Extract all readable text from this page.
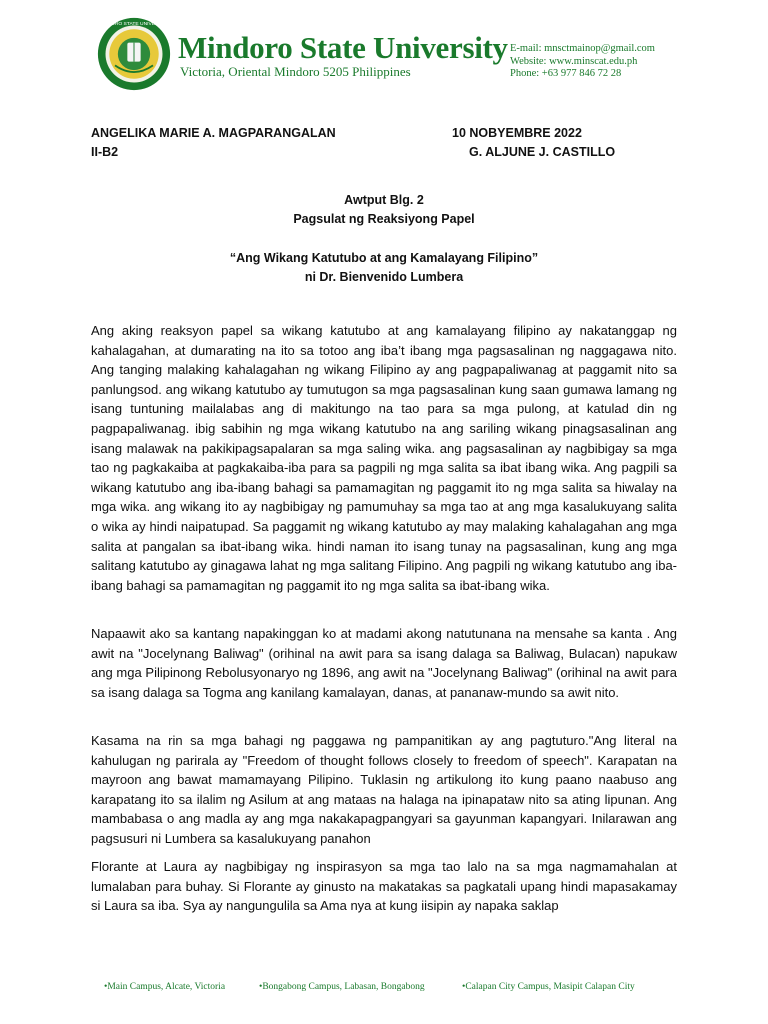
MINDORO STATE UNIVERSITY
Mindoro State University
Victoria, Oriental Mindoro 5205 Philippines
E-mail: mnsctmainop@gmail.com
Website: www.minscat.edu.ph
Phone: +63 977 846 72 28
ANGELIKA MARIE A. MAGPARANGALAN
II-B2
10 NOBYEMBRE 2022
G. ALJUNE J. CASTILLO
Awtput Blg. 2
Pagsulat ng Reaksiyong Papel
“Ang Wikang Katutubo at ang Kamalayang Filipino”
ni Dr. Bienvenido Lumbera

Ang aking reaksyon papel sa wikang katutubo at ang kamalayang filipino ay nakatanggap ng kahalagahan, at dumarating na ito sa totoo ang iba’t ibang mga pagsasalinan ng naggagawa nito. Ang tanging malaking kahalagahan ng wikang Filipino ay ang pagpapaliwanag at paggamit nito sa panlungsod. ang wikang katutubo ay tumutugon sa mga pagsasalinan kung saan gumawa lamang ng isang tuntuning mailalabas ang di makitungo na tao para sa mga pulong, at katulad din ng pagpapaliwanag. ibig sabihin ng mga wikang katutubo na ang sariling wikang pinagsasalinan ang isang malawak na pakikipagsapalaran sa mga saling wika. ang pagsasalinan ay nagbibigay sa mga tao ng pagkakaiba at pagkakaiba-iba para sa pagpili ng mga salita sa ibat ibang wika. Ang pagpili sa wikang katutubo ang iba-ibang bahagi sa pamamagitan ng paggamit ito ng mga salita sa hiwalay na mga wika. ang wikang ito ay nagbibigay ng pamumuhay sa mga tao at ang mga kasalukuyang salita o wika ay hindi naipatupad. Sa paggamit ng wikang katutubo ay may malaking kahalagahan ang mga salita at pangalan sa ibat-ibang wika. hindi naman ito isang tunay na pagsasalinan, kung ang mga salitang katutubo ay ginagawa lahat ng mga salitang Filipino. Ang pagpili ng wikang katutubo ang iba-ibang bahagi sa pamamagitan ng paggamit ito ng mga salita sa ibat-ibang wika.

Napaawit ako sa kantang napakinggan ko at madami akong natutunana na mensahe sa kanta . Ang awit na "Jocelynang Baliwag" (orihinal na awit para sa isang dalaga sa Baliwag, Bulacan) napukaw ang mga Pilipinong Rebolusyonaryo ng 1896, ang awit na "Jocelynang Baliwag" (orihinal na awit para sa isang dalaga sa Togma ang kanilang kamalayan, danas, at pananaw-mundo sa awit nito.

Kasama na rin sa mga bahagi ng paggawa ng pampanitikan ay ang pagtuturo."Ang literal na kahulugan ng parirala ay "Freedom of thought follows closely to freedom of speech". Karapatan na mayroon ang bawat mamamayang Pilipino. Tuklasin ng artikulong ito kung paano naabuso ang karapatang ito sa ilalim ng Asilum at ang mataas na halaga na ipinapataw nito sa ating lipunan. Ang mambabasa o ang madla ay ang mga nakakapagpangyari sa gayunman kapangyari. Inilarawan ang pagsusuri ni Lumbera sa kasalukuyang panahon

Florante at Laura ay nagbibigay ng inspirasyon sa mga tao lalo na sa mga nagmamahalan at lumalaban para buhay. Si Florante ay ginusto na makatakas sa pagkatali upang hindi mapasakamay si Laura sa iba. Sya ay nangungulila sa Ama nya at kung iisipin ay napaka saklap

•Main Campus, Alcate, Victoria	•Bongabong Campus, Labasan, Bongabong	•Calapan City Campus, Masipit Calapan City
